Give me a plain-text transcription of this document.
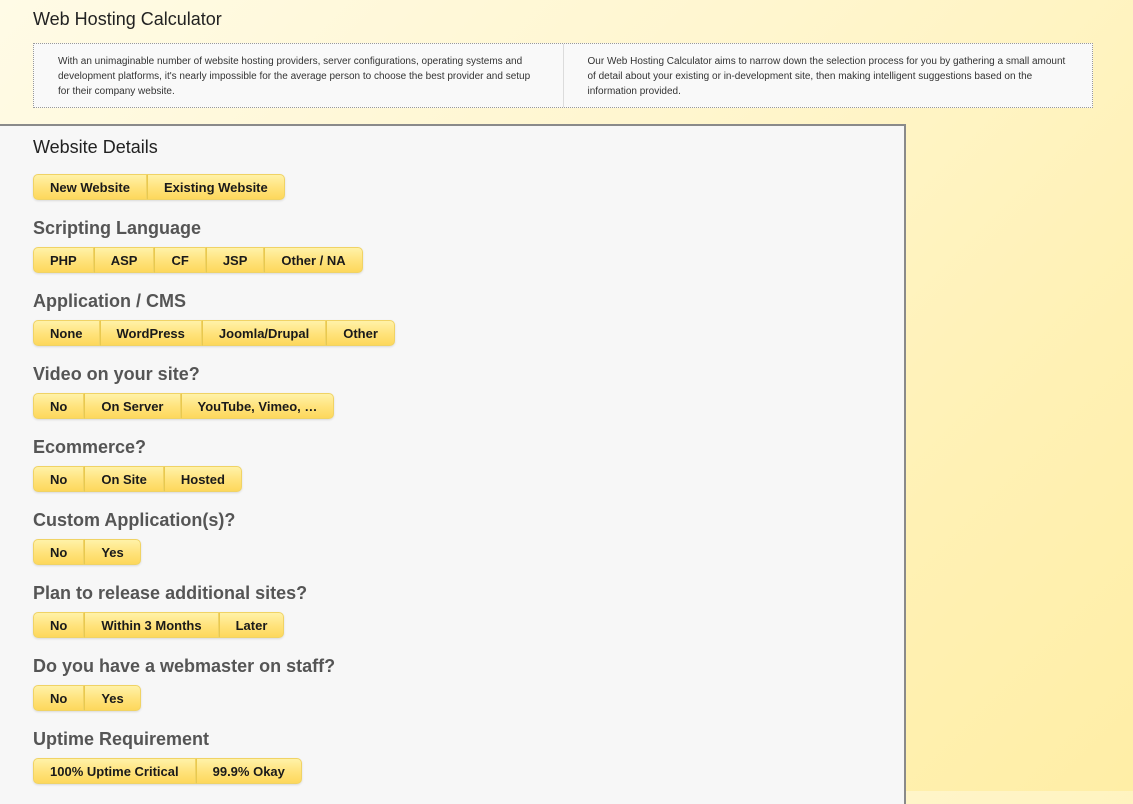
Web Hosting Calculator
With an unimaginable number of website hosting providers, server configurations, operating systems and development platforms, it's nearly impossible for the average person to choose the best provider and setup for their company website.
Our Web Hosting Calculator aims to narrow down the selection process for you by gathering a small amount of detail about your existing or in-development site, then making intelligent suggestions based on the information provided.
Website Details
New Website	Existing Website
Scripting Language
PHP	ASP	CF	JSP	Other / NA
Application / CMS
None	WordPress	Joomla/Drupal	Other
Video on your site?
No	On Server	YouTube, Vimeo, …
Ecommerce?
No	On Site	Hosted
Custom Application(s)?
No	Yes
Plan to release additional sites?
No	Within 3 Months	Later
Do you have a webmaster on staff?
No	Yes
Uptime Requirement
100% Uptime Critical	99.9% Okay
